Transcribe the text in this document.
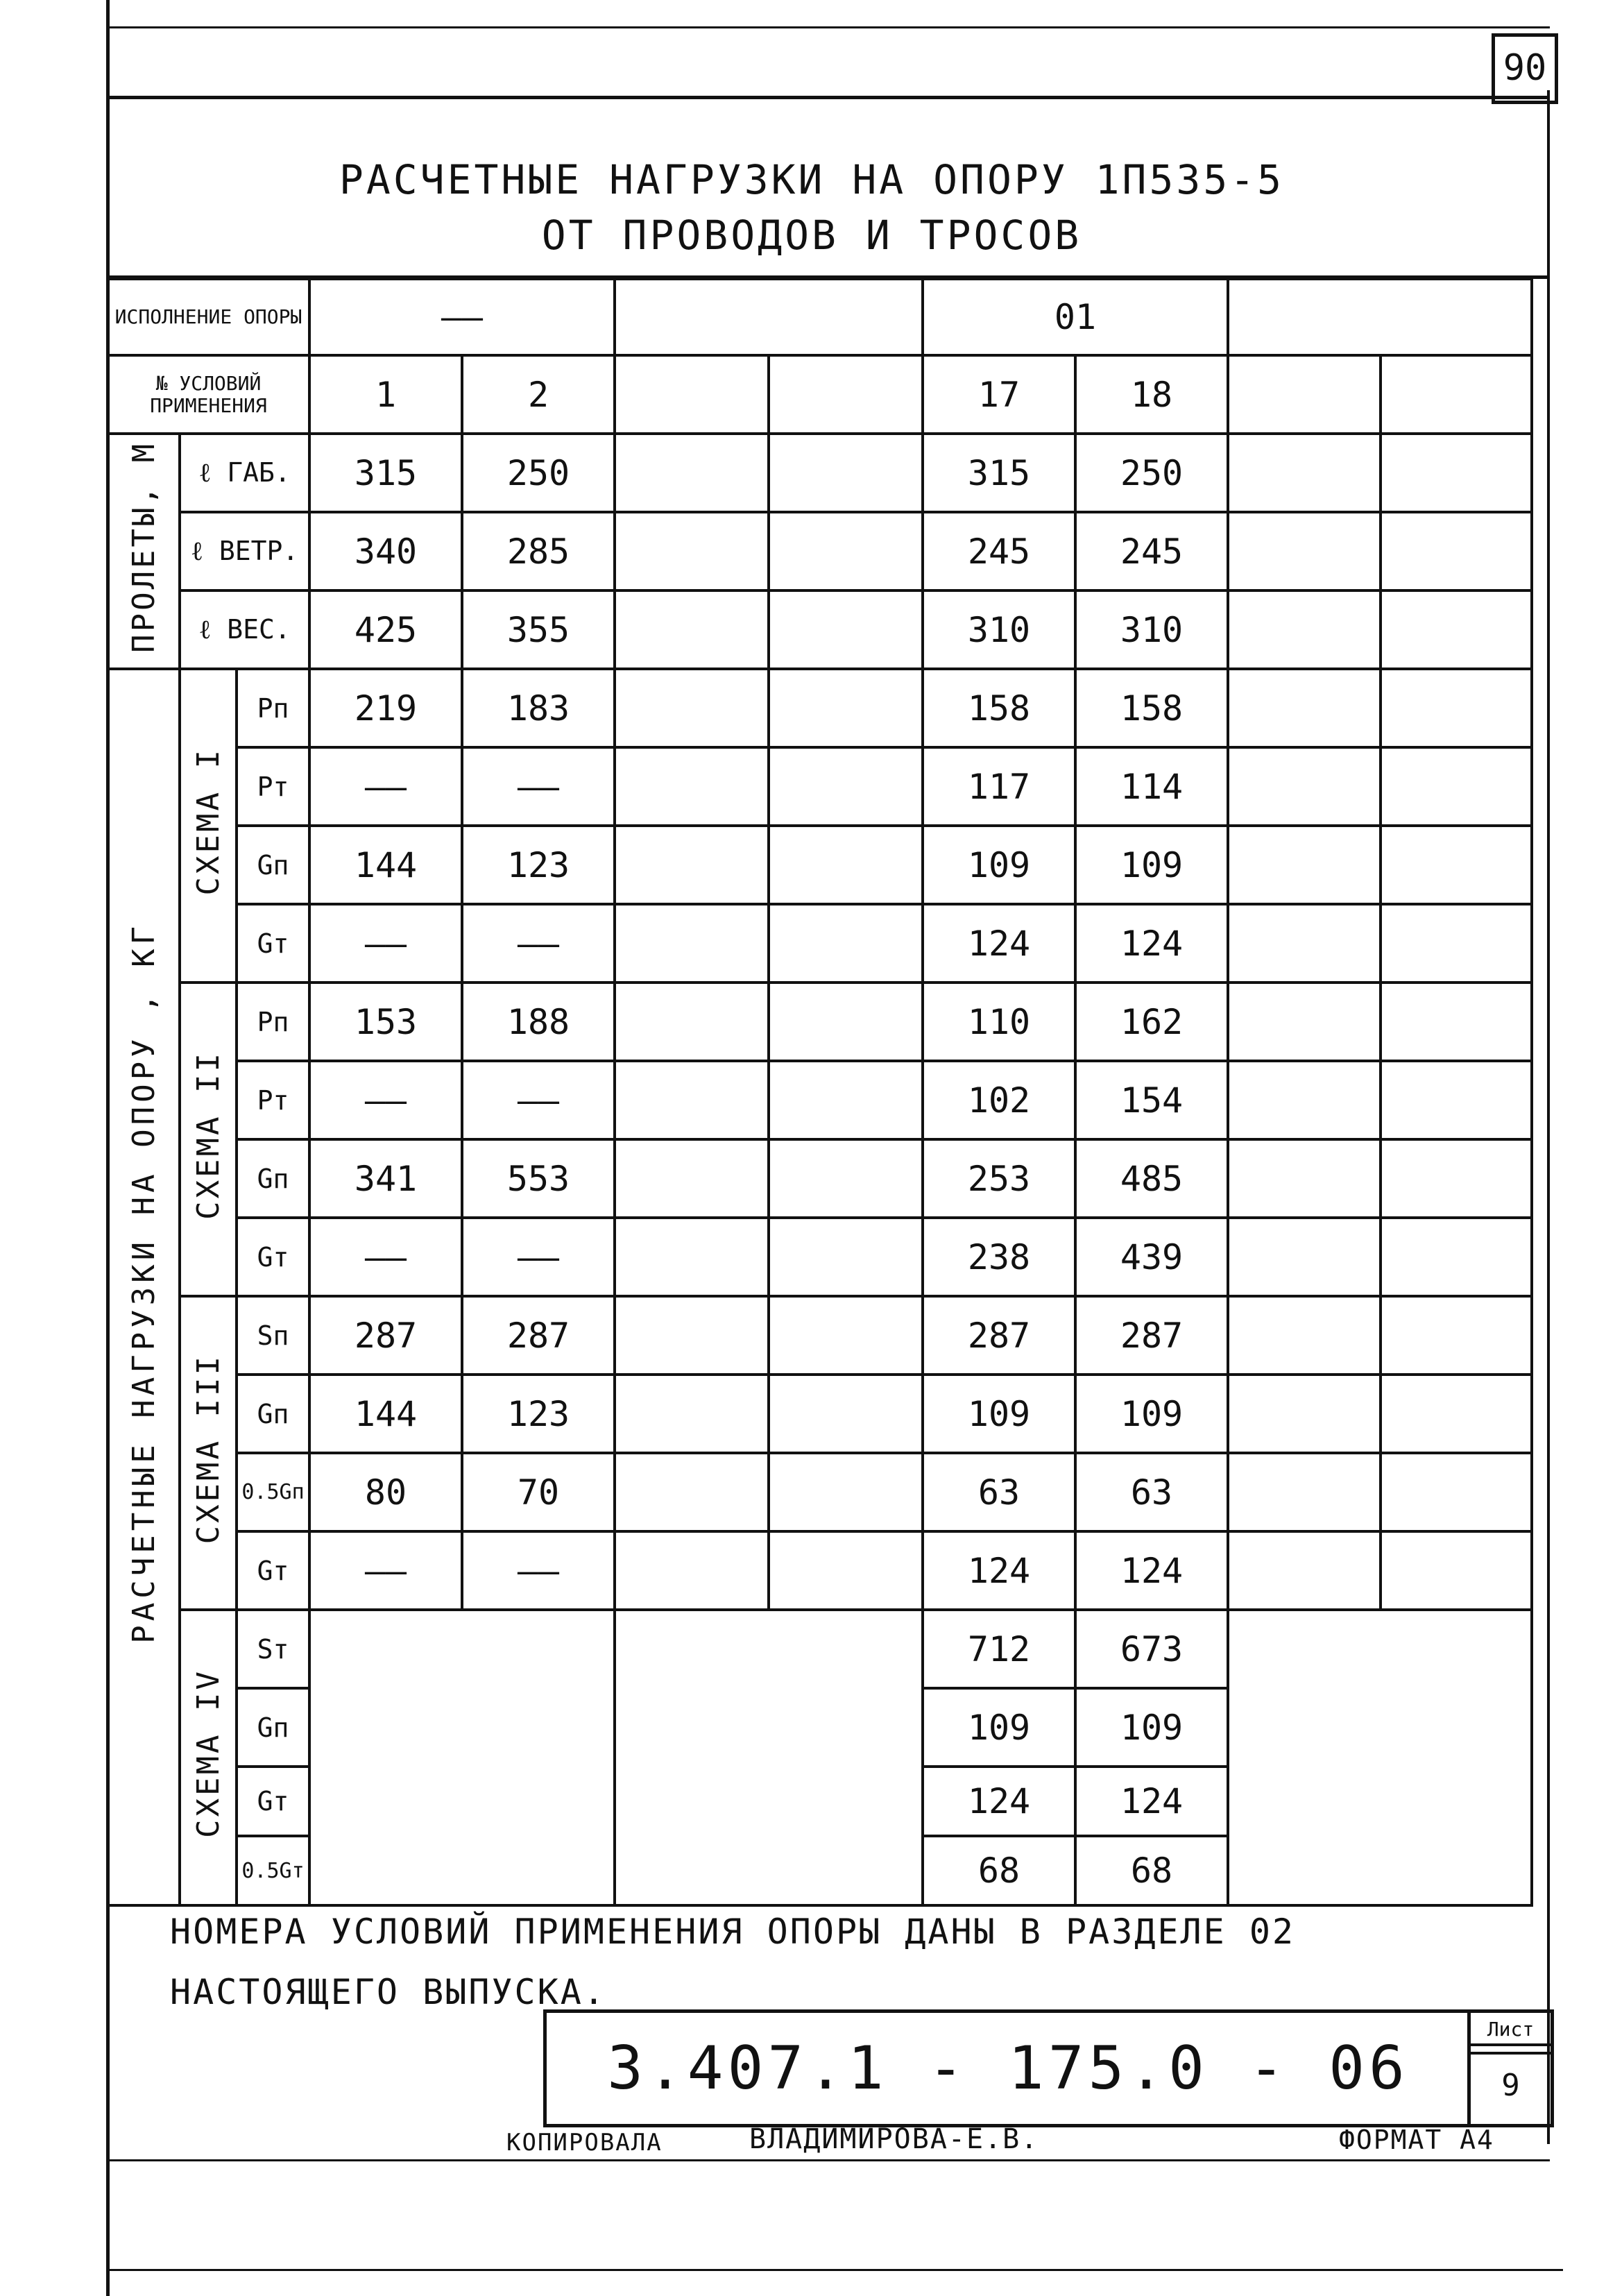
90
РАСЧЕТНЫЕ НАГРУЗКИ НА ОПОРУ 1П535-5
ОТ ПРОВОДОВ И ТРОСОВ
ИСПОЛНЕНИЕ ОПОРЫ			——				01			
№ УСЛОВИЙ ПРИМЕНЕНИЯ			1	2			17	18		
ПРОЛЕТЫ, М	ℓ ГАБ.		315	250			315	250		
	ℓ ВЕТР.		340	285			245	245		
	ℓ ВЕС.		425	355			310	310		
РАСЧЕТНЫЕ НАГРУЗКИ НА ОПОРУ , КГ	СХЕМА I	Pп	219	183			158	158		
		Pт	——	——			117	114		
		Gп	144	123			109	109		
		Gт	——	——			124	124		
	СХЕМА II	Pп	153	188			110	162		
		Pт	——	——			102	154		
		Gп	341	553			253	485		
		Gт	——	——			238	439		
	СХЕМА III	Sп	287	287			287	287		
		Gп	144	123			109	109		
		0.5Gп	80	70			63	63		
		Gт	——	——			124	124		
	СХЕМА IV	Sт					712	673		
		Gп					109	109		
		Gт					124	124		
		0.5Gт					68	68		
НОМЕРА УСЛОВИЙ ПРИМЕНЕНИЯ ОПОРЫ ДАНЫ В РАЗДЕЛЕ 02
НАСТОЯЩЕГО ВЫПУСКА.
3.407.1 - 175.0 - 06
Лист
9
КОПИРОВАЛА	ВЛАДИМИРОВА-Е.В.	ФОРМАТ А4
